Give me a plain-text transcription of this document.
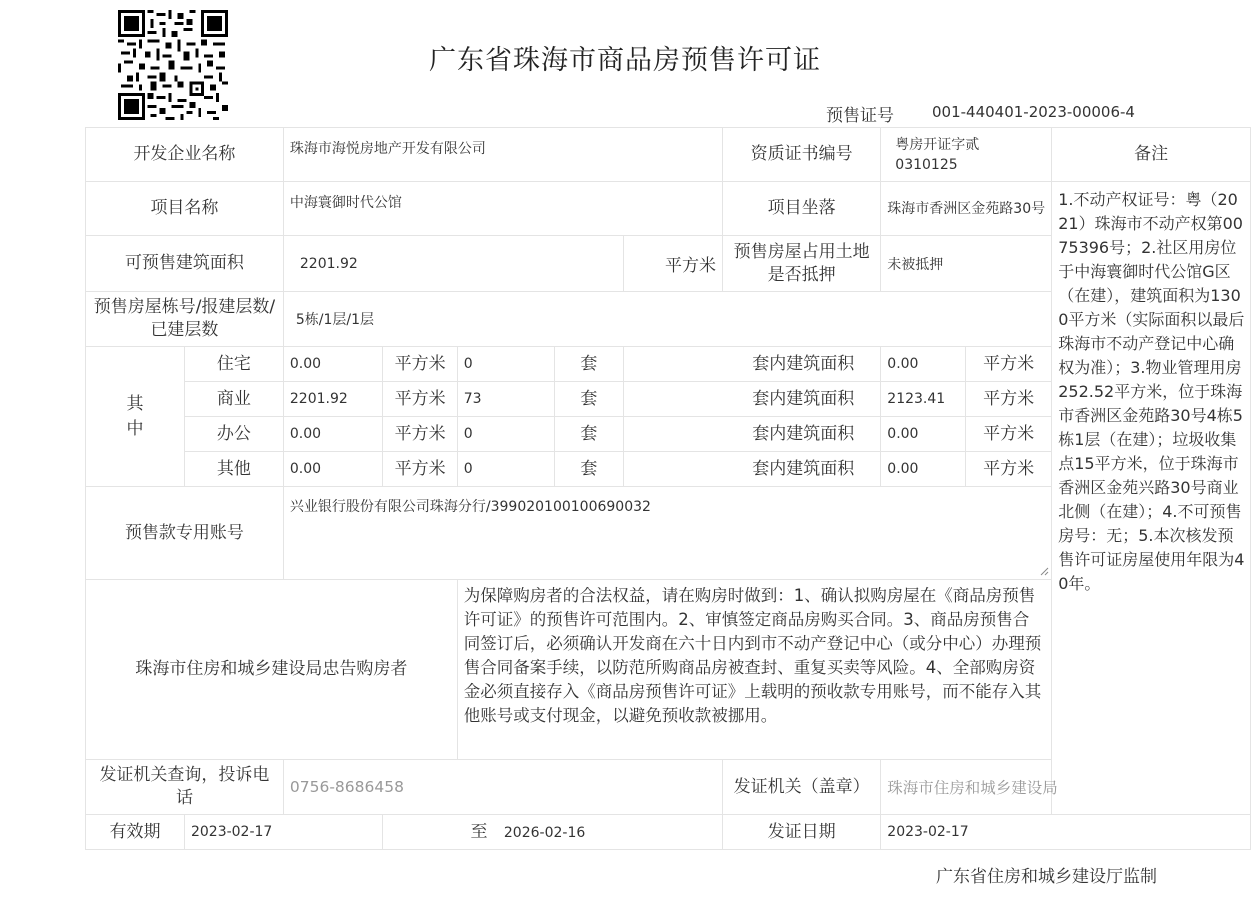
广东省珠海市商品房预售许可证
预售证号	001-440401-2023-00006-4
开发企业名称		珠海市海悦房地产开发有限公司					资质证书编号	粤房开证字贰 0310125		备注
项目名称		中海寰御时代公馆					项目坐落	珠海市香洲区金苑路30号		1.不动产权证号：粤（2021）珠海市不动产权第0075396号；2.社区用房位于中海寰御时代公馆G区（在建），建筑面积为1300平方米（实际面积以最后珠海市不动产登记中心确权为准）；3.物业管理用房252.52平方米，位于珠海市香洲区金苑路30号4栋5栋1层（在建）；垃圾收集点15平方米，位于珠海市香洲区金苑兴路30号商业北侧（在建）；4.不可预售房号：无；5.本次核发预售许可证房屋使用年限为40年。
可预售建筑面积		2201.92				平方米	预售房屋占用土地是否抵押	未被抵押		
预售房屋栋号/报建层数/已建层数		5栋/1层/1层								
其中	住宅	0.00	平方米	0	套	套内建筑面积		0.00	平方米	
	商业	2201.92	平方米	73	套	套内建筑面积		2123.41	平方米	
	办公	0.00	平方米	0	套	套内建筑面积		0.00	平方米	
	其他	0.00	平方米	0	套	套内建筑面积		0.00	平方米	
预售款专用账号		兴业银行股份有限公司珠海分行/399020100100690032								

珠海市住房和城乡建设局忠告购房者				为保障购房者的合法权益，请在购房时做到：1、确认拟购房屋在《商品房预售许可证》的预售许可范围内。2、审慎签定商品房购买合同。3、商品房预售合同签订后，必须确认开发商在六十日内到市不动产登记中心（或分中心）办理预售合同备案手续，以防范所购商品房被查封、重复买卖等风险。4、全部购房资金必须直接存入《商品房预售许可证》上载明的预收款专用账号，而不能存入其他账号或支付现金，以避免预收款被挪用。						
发证机关查询，投诉电话		0756-8686458					发证机关（盖章）	珠海市住房和城乡建设局		
有效期	2023-02-17		至 2026-02-16				发证日期	2023-02-17		
广东省住房和城乡建设厅监制
